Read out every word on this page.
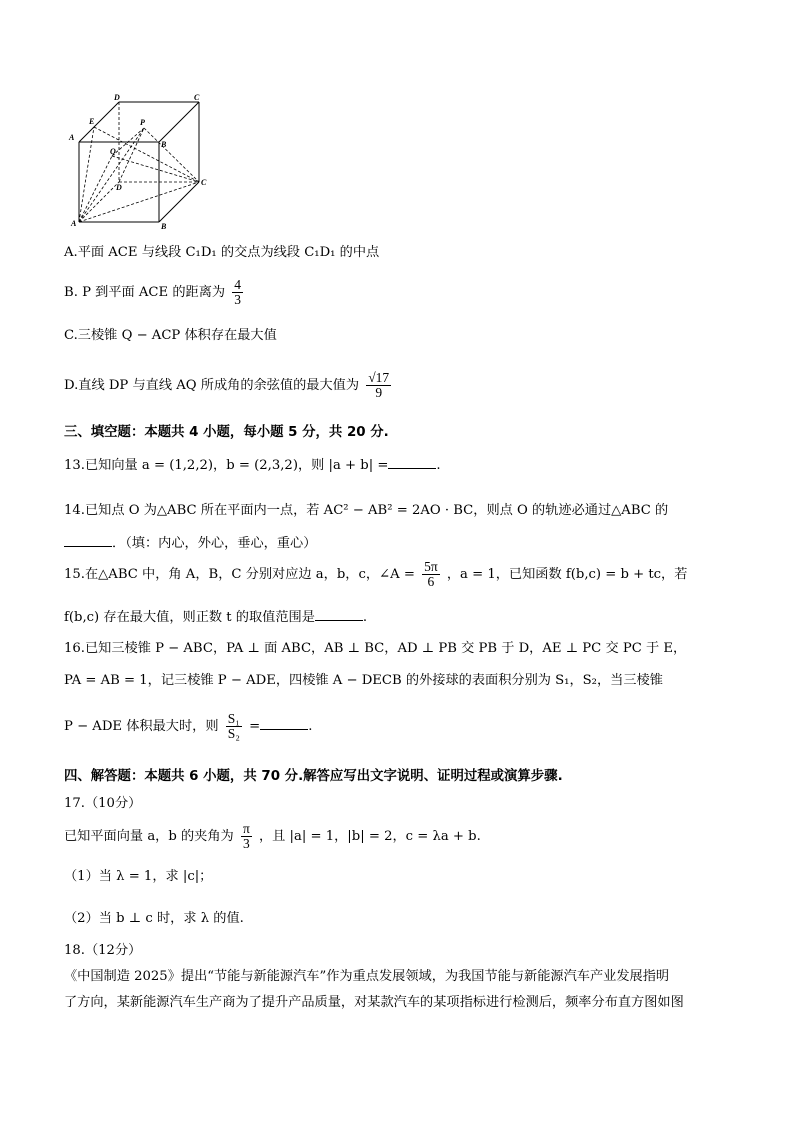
D	C
A
B
E	P
Q
D
C
A	B
A.平面 ACE 与线段 C₁D₁ 的交点为线段 C₁D₁ 的中点
B. P 到平面 ACE 的距离为 $\frac{4}{3}$
C.三棱锥 Q − ACP 体积存在最大值
D.直线 DP 与直线 AQ 所成角的余弦值的最大值为 $\frac{√17}{9}$
三、填空题：本题共 4 小题，每小题 5 分，共 20 分.
13.已知向量 a = (1,2,2)，b = (2,3,2)，则 |a + b| =	.
14.已知点 O 为△ABC 所在平面内一点，若 AC² − AB² = 2AO · BC，则点 O 的轨迹必通过△ABC 的
．（填：内心，外心，垂心，重心）
15.在△ABC 中，角 A，B，C 分别对应边 a，b，c，∠A = $\frac{5\pi}{6}$ ，a = 1，已知函数 f(b,c) = b + tc，若
f(b,c) 存在最大值，则正数 t 的取值范围是	.
16.已知三棱锥 P − ABC，PA ⊥ 面 ABC，AB ⊥ BC，AD ⊥ PB 交 PB 于 D，AE ⊥ PC 交 PC 于 E，
PA = AB = 1，记三棱锥 P − ADE，四棱锥 A − DECB 的外接球的表面积分别为 S₁，S₂，当三棱锥
P − ADE 体积最大时，则 $\frac{\text{S₁}}{\text{S₂}}$ =	.
四、解答题：本题共 6 小题，共 70 分.解答应写出文字说明、证明过程或演算步骤.
17.（10分）
已知平面向量 a，b 的夹角为 $\frac{\pi}{3}$ ，且 |a| = 1，|b| = 2，c = λa + b.
（1）当 λ = 1，求 |c|；
（2）当 b ⊥ c 时，求 λ 的值.
18.（12分）
《中国制造 2025》提出“节能与新能源汽车”作为重点发展领域，为我国节能与新能源汽车产业发展指明
了方向，某新能源汽车生产商为了提升产品质量，对某款汽车的某项指标进行检测后，频率分布直方图如图
